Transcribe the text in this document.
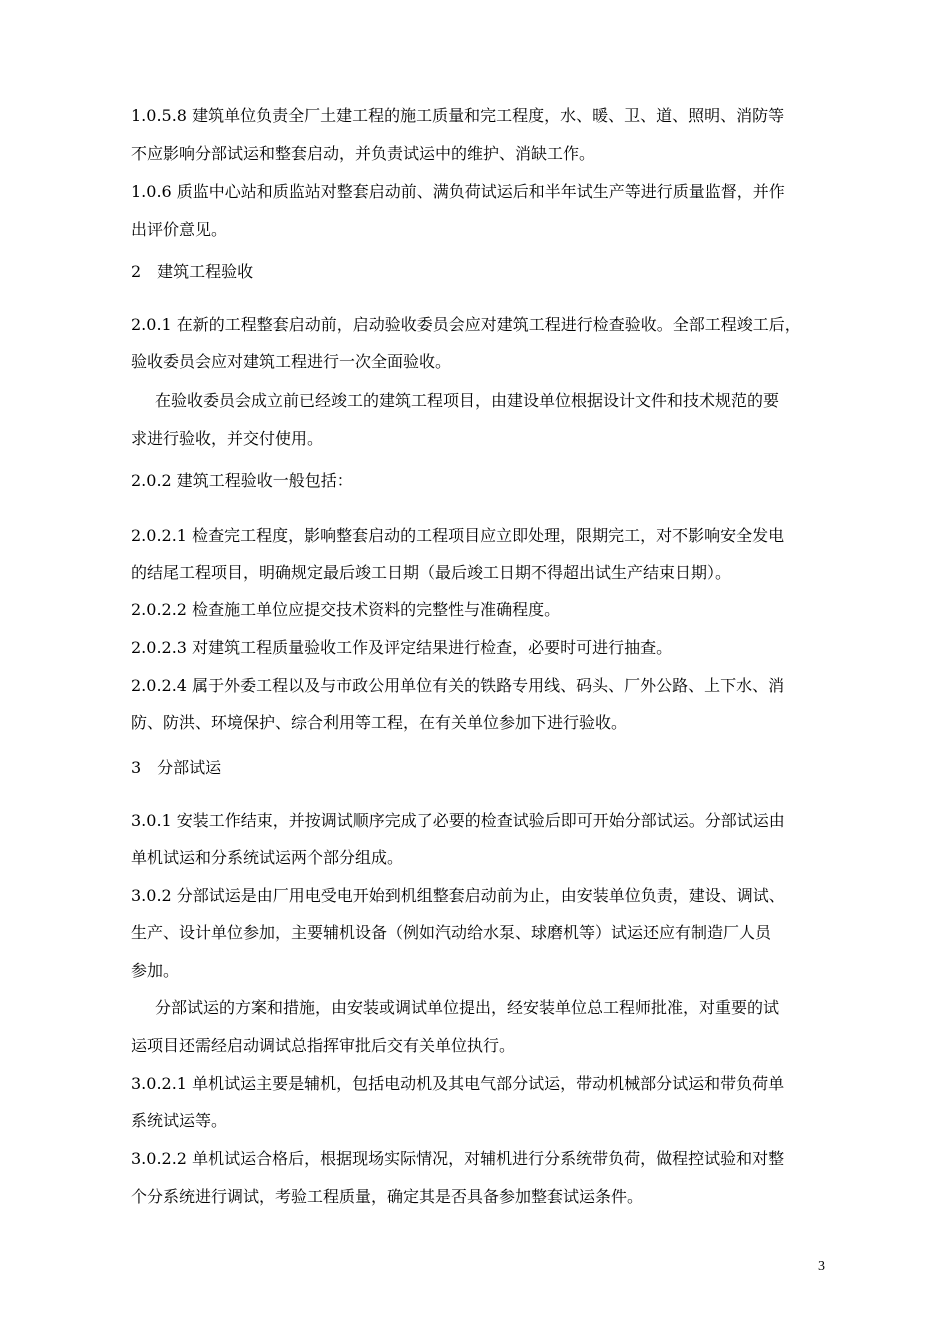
1.0.5.8 建筑单位负责全厂土建工程的施工质量和完工程度，水、暖、卫、道、照明、消防等
不应影响分部试运和整套启动，并负责试运中的维护、消缺工作。
1.0.6 质监中心站和质监站对整套启动前、满负荷试运后和半年试生产等进行质量监督，并作
出评价意见。
2　建筑工程验收
2.0.1 在新的工程整套启动前，启动验收委员会应对建筑工程进行检查验收。全部工程竣工后，
验收委员会应对建筑工程进行一次全面验收。
在验收委员会成立前已经竣工的建筑工程项目，由建设单位根据设计文件和技术规范的要
求进行验收，并交付使用。
2.0.2 建筑工程验收一般包括：
2.0.2.1 检查完工程度，影响整套启动的工程项目应立即处理，限期完工，对不影响安全发电
的结尾工程项目，明确规定最后竣工日期（最后竣工日期不得超出试生产结束日期）。
2.0.2.2 检查施工单位应提交技术资料的完整性与准确程度。
2.0.2.3 对建筑工程质量验收工作及评定结果进行检查，必要时可进行抽查。
2.0.2.4 属于外委工程以及与市政公用单位有关的铁路专用线、码头、厂外公路、上下水、消
防、防洪、环境保护、综合利用等工程，在有关单位参加下进行验收。
3　分部试运
3.0.1 安装工作结束，并按调试顺序完成了必要的检查试验后即可开始分部试运。分部试运由
单机试运和分系统试运两个部分组成。
3.0.2 分部试运是由厂用电受电开始到机组整套启动前为止，由安装单位负责，建设、调试、
生产、设计单位参加，主要辅机设备（例如汽动给水泵、球磨机等）试运还应有制造厂人员
参加。
分部试运的方案和措施，由安装或调试单位提出，经安装单位总工程师批准，对重要的试
运项目还需经启动调试总指挥审批后交有关单位执行。
3.0.2.1 单机试运主要是辅机，包括电动机及其电气部分试运，带动机械部分试运和带负荷单
系统试运等。
3.0.2.2 单机试运合格后，根据现场实际情况，对辅机进行分系统带负荷，做程控试验和对整
个分系统进行调试，考验工程质量，确定其是否具备参加整套试运条件。
3
